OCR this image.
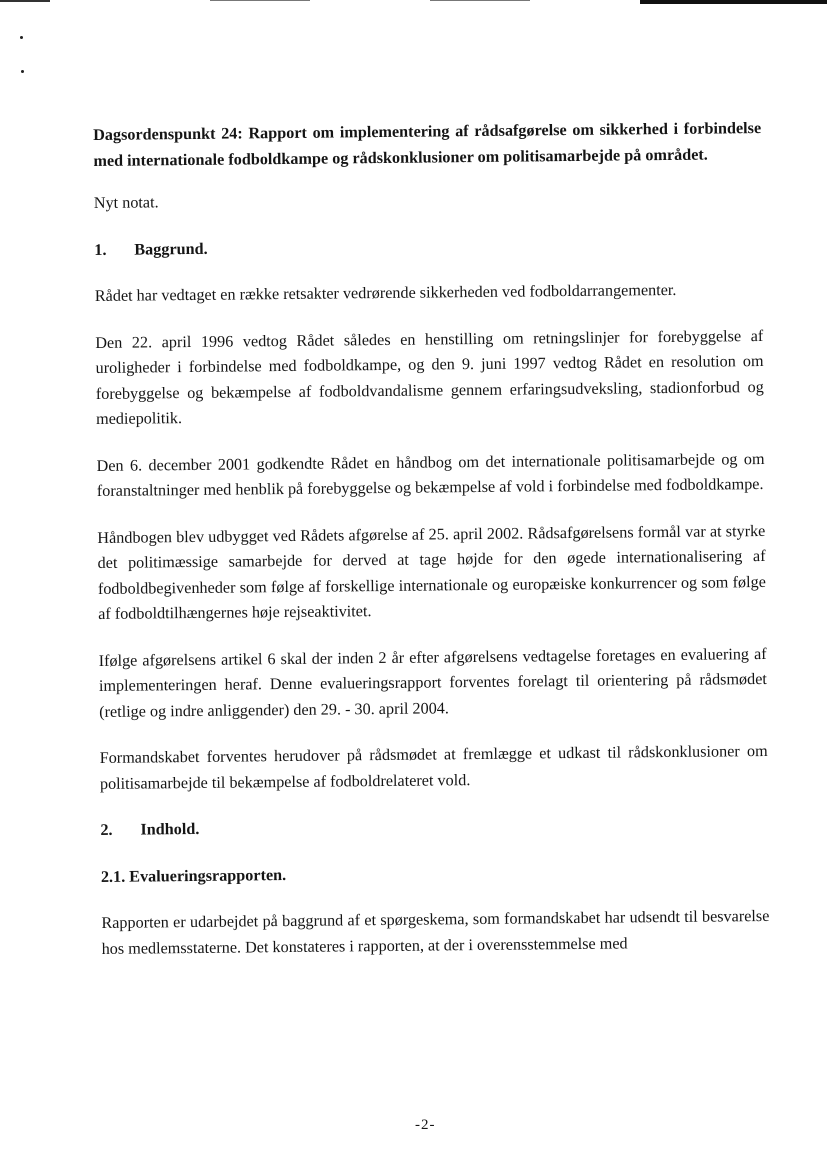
Dagsordenspunkt 24: Rapport om implementering af rådsafgørelse om sikkerhed i forbindelse med internationale fodboldkampe og rådskonklusioner om politisamarbejde på området.

Nyt notat.

1. Baggrund.

Rådet har vedtaget en række retsakter vedrørende sikkerheden ved fodboldarrangementer.

Den 22. april 1996 vedtog Rådet således en henstilling om retningslinjer for forebyggelse af uroligheder i forbindelse med fodboldkampe, og den 9. juni 1997 vedtog Rådet en resolution om forebyggelse og bekæmpelse af fodboldvandalisme gennem erfaringsudveksling, stadionforbud og mediepolitik.

Den 6. december 2001 godkendte Rådet en håndbog om det internationale politisamarbejde og om foranstaltninger med henblik på forebyggelse og bekæmpelse af vold i forbindelse med fodboldkampe.

Håndbogen blev udbygget ved Rådets afgørelse af 25. april 2002. Rådsafgørelsens formål var at styrke det politimæssige samarbejde for derved at tage højde for den øgede internationalisering af fodboldbegivenheder som følge af forskellige internationale og europæiske konkurrencer og som følge af fodboldtilhængernes høje rejseaktivitet.

Ifølge afgørelsens artikel 6 skal der inden 2 år efter afgørelsens vedtagelse foretages en evaluering af implementeringen heraf. Denne evalueringsrapport forventes forelagt til orientering på rådsmødet (retlige og indre anliggender) den 29. - 30. april 2004.

Formandskabet forventes herudover på rådsmødet at fremlægge et udkast til rådskonklusioner om politisamarbejde til bekæmpelse af fodboldrelateret vold.

2. Indhold.
2.1. Evalueringsrapporten.

Rapporten er udarbejdet på baggrund af et spørgeskema, som formandskabet har udsendt til besvarelse hos medlemsstaterne. Det konstateres i rapporten, at der i overensstemmelse med

-2-
